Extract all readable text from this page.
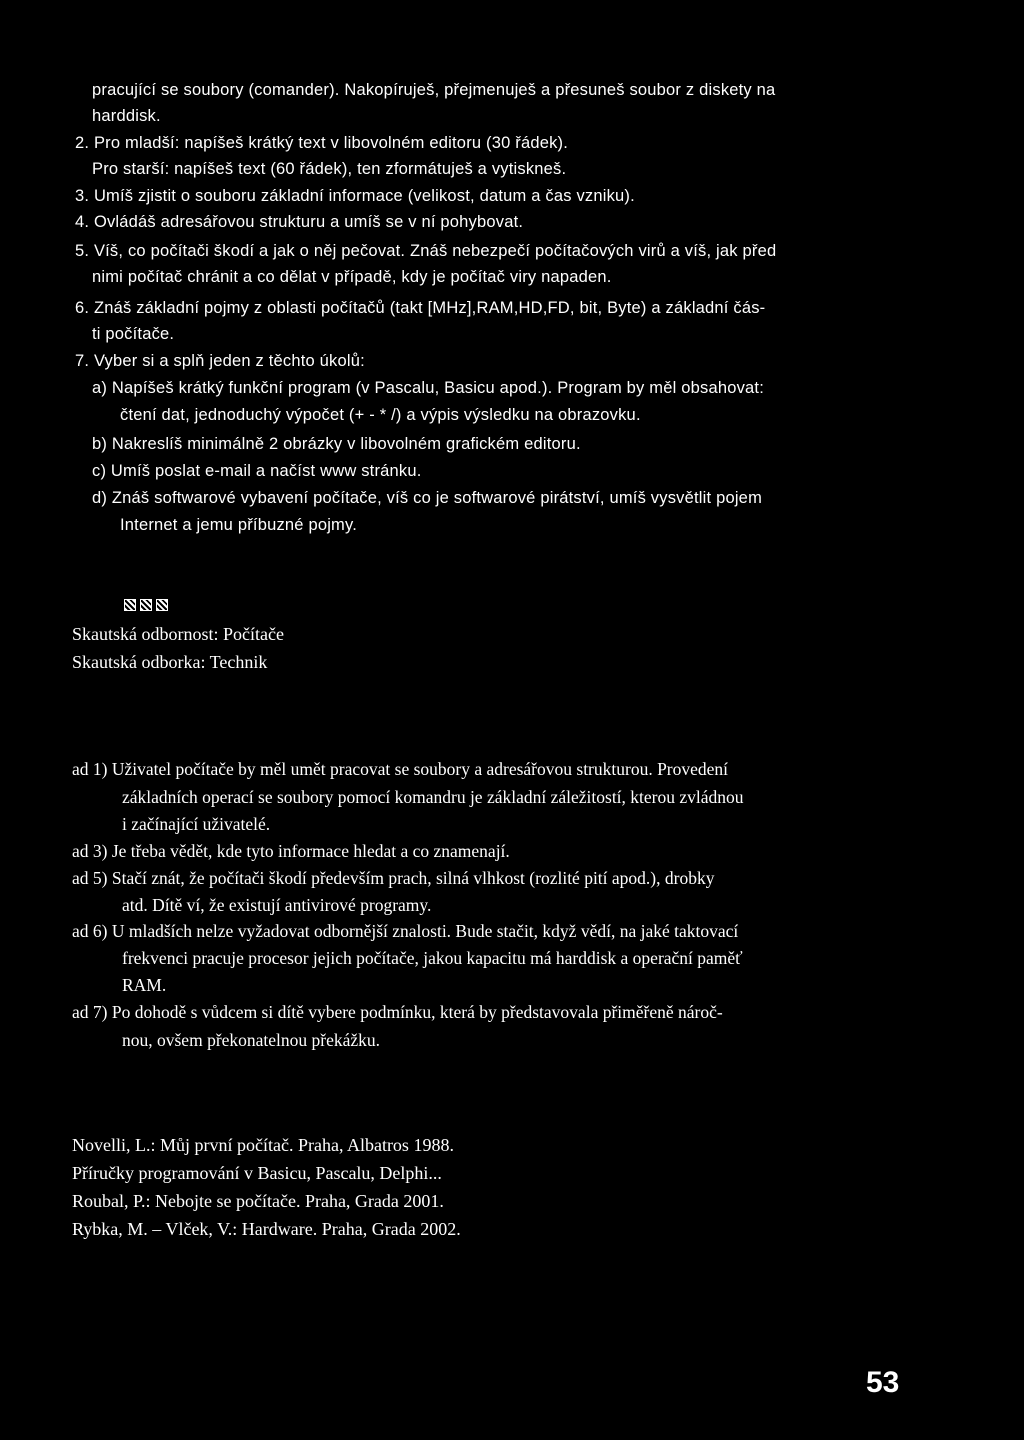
pracující se soubory (comander). Nakopíruješ, přejmenuješ a přesuneš soubor z diskety na
harddisk.
2. Pro mladší: napíšeš krátký text v libovolném editoru (30 řádek).
Pro starší: napíšeš text (60 řádek), ten zformátuješ a vytiskneš.
3. Umíš zjistit o souboru základní informace (velikost, datum a čas vzniku).
4. Ovládáš adresářovou strukturu a umíš se v ní pohybovat.
5. Víš, co počítači škodí a jak o něj pečovat. Znáš nebezpečí počítačových virů a víš, jak před
nimi počítač chránit a co dělat v případě, kdy je počítač viry napaden.
6. Znáš základní pojmy z oblasti počítačů (takt [MHz],RAM,HD,FD, bit, Byte) a základní čás-
ti počítače.
7. Vyber si a splň jeden z těchto úkolů:
a) Napíšeš krátký funkční program (v Pascalu, Basicu apod.). Program by měl obsahovat:
čtení dat, jednoduchý výpočet (+ - * /) a výpis výsledku na obrazovku.
b) Nakreslíš minimálně 2 obrázky v libovolném grafickém editoru.
c) Umíš poslat e-mail a načíst www stránku.
d) Znáš softwarové vybavení počítače, víš co je softwarové pirátství, umíš vysvětlit pojem
Internet a jemu příbuzné pojmy.
Skautská odbornost: Počítače
Skautská odborka: Technik
ad 1) Uživatel počítače by měl umět pracovat se soubory a adresářovou strukturou. Provedení
základních operací se soubory pomocí komandru je základní záležitostí, kterou zvládnou
i začínající uživatelé.
ad 3) Je třeba vědět, kde tyto informace hledat a co znamenají.
ad 5) Stačí znát, že počítači škodí především prach, silná vlhkost (rozlité pití apod.), drobky
atd. Dítě ví, že existují antivirové programy.
ad 6) U mladších nelze vyžadovat odbornější znalosti. Bude stačit, když vědí, na jaké taktovací
frekvenci pracuje procesor jejich počítače, jakou kapacitu má harddisk a operační paměť
RAM.
ad 7) Po dohodě s vůdcem si dítě vybere podmínku, která by představovala přiměřeně nároč-
nou, ovšem překonatelnou překážku.
Novelli, L.: Můj první počítač. Praha, Albatros 1988.
Příručky programování v Basicu, Pascalu, Delphi...
Roubal, P.: Nebojte se počítače. Praha, Grada 2001.
Rybka, M. – Vlček, V.: Hardware. Praha, Grada 2002.
53
